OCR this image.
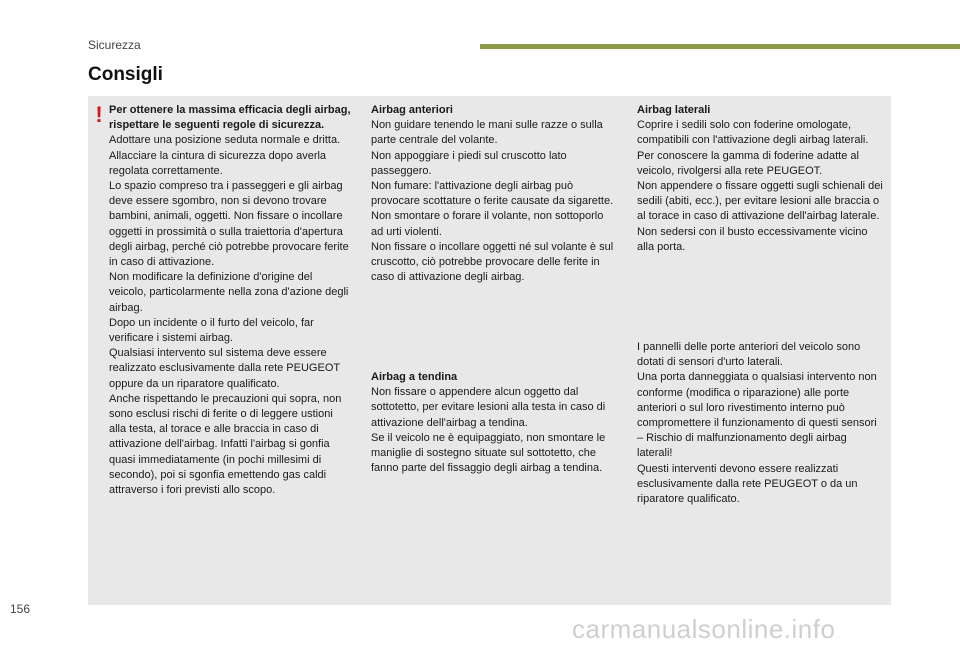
Sicurezza
Consigli
! Per ottenere la massima efficacia degli airbag, rispettare le seguenti regole di sicurezza.

Adottare una posizione seduta normale e dritta.

Allacciare la cintura di sicurezza dopo averla regolata correttamente.

Lo spazio compreso tra i passeggeri e gli airbag deve essere sgombro, non si devono trovare bambini, animali, oggetti. Non fissare o incollare oggetti in prossimità o sulla traiettoria d'apertura degli airbag, perché ciò potrebbe provocare ferite in caso di attivazione.

Non modificare la definizione d'origine del veicolo, particolarmente nella zona d'azione degli airbag.

Dopo un incidente o il furto del veicolo, far verificare i sistemi airbag.

Qualsiasi intervento sul sistema deve essere realizzato esclusivamente dalla rete PEUGEOT oppure da un riparatore qualificato.

Anche rispettando le precauzioni qui sopra, non sono esclusi rischi di ferite o di leggere ustioni alla testa, al torace e alle braccia in caso di attivazione dell'airbag. Infatti l'airbag si gonfia quasi immediatamente (in pochi millesimi di secondo), poi si sgonfia emettendo gas caldi attraverso i fori previsti allo scopo.

Airbag anteriori

Non guidare tenendo le mani sulle razze o sulla parte centrale del volante.

Non appoggiare i piedi sul cruscotto lato passeggero.

Non fumare: l'attivazione degli airbag può provocare scottature o ferite causate da sigarette.

Non smontare o forare il volante, non sottoporlo ad urti violenti.

Non fissare o incollare oggetti né sul volante è sul cruscotto, ciò potrebbe provocare delle ferite in caso di attivazione degli airbag.

Airbag a tendina

Non fissare o appendere alcun oggetto dal sottotetto, per evitare lesioni alla testa in caso di attivazione dell'airbag a tendina.

Se il veicolo ne è equipaggiato, non smontare le maniglie di sostegno situate sul sottotetto, che fanno parte del fissaggio degli airbag a tendina.

Airbag laterali

Coprire i sedili solo con foderine omologate, compatibili con l'attivazione degli airbag laterali. Per conoscere la gamma di foderine adatte al veicolo, rivolgersi alla rete PEUGEOT.

Non appendere o fissare oggetti sugli schienali dei sedili (abiti, ecc.), per evitare lesioni alle braccia o al torace in caso di attivazione dell'airbag laterale.

Non sedersi con il busto eccessivamente vicino alla porta.

I pannelli delle porte anteriori del veicolo sono dotati di sensori d'urto laterali.

Una porta danneggiata o qualsiasi intervento non conforme (modifica o riparazione) alle porte anteriori o sul loro rivestimento interno può compromettere il funzionamento di questi sensori – Rischio di malfunzionamento degli airbag laterali!

Questi interventi devono essere realizzati esclusivamente dalla rete PEUGEOT o da un riparatore qualificato.

156
carmanualsonline.info
